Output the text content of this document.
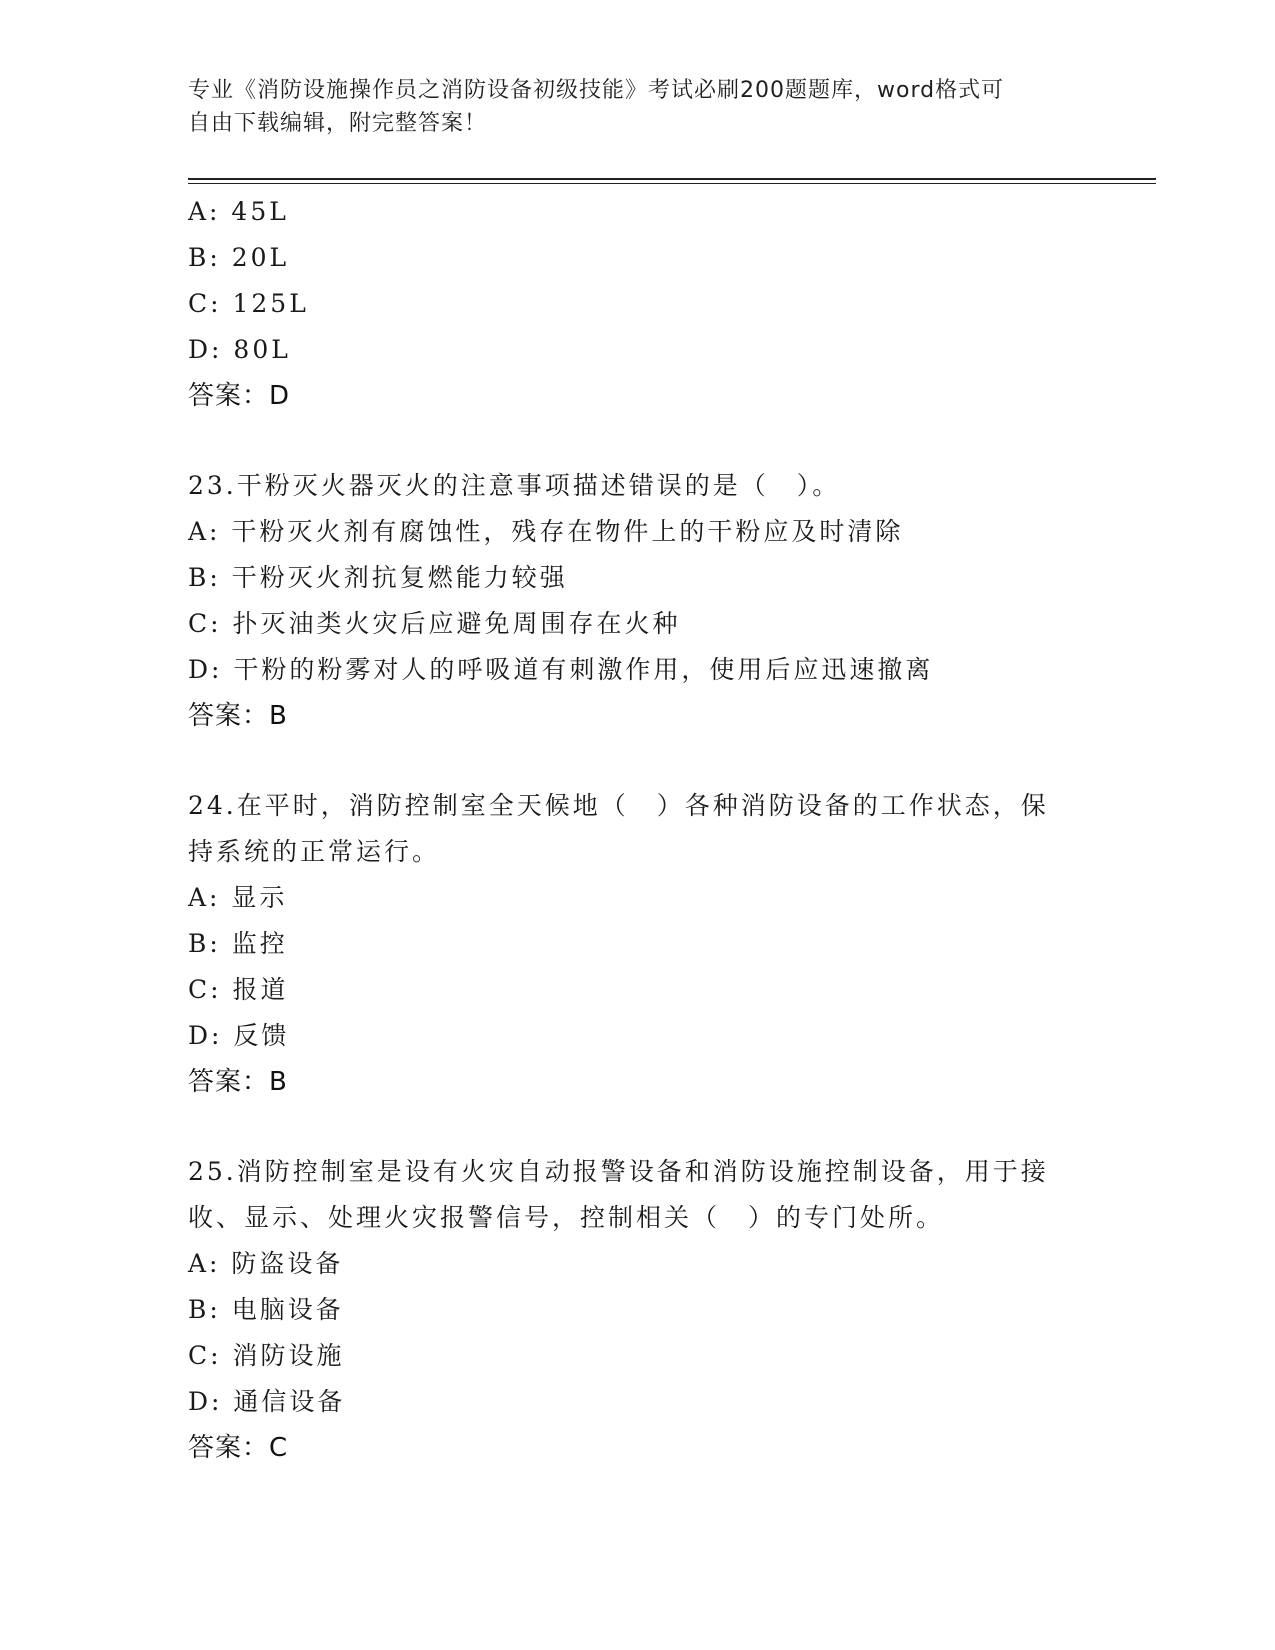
专业《消防设施操作员之消防设备初级技能》考试必刷200题题库，word格式可
自由下载编辑，附完整答案！
A: 45L
B: 20L
C: 125L
D: 80L
答案：D
23.干粉灭火器灭火的注意事项描述错误的是（　）。
A: 干粉灭火剂有腐蚀性，残存在物件上的干粉应及时清除
B: 干粉灭火剂抗复燃能力较强
C: 扑灭油类火灾后应避免周围存在火种
D: 干粉的粉雾对人的呼吸道有刺激作用，使用后应迅速撤离
答案：B
24.在平时，消防控制室全天候地（　）各种消防设备的工作状态，保持系统的正常运行。
A: 显示
B: 监控
C: 报道
D: 反馈
答案：B
25.消防控制室是设有火灾自动报警设备和消防设施控制设备，用于接收、显示、处理火灾报警信号，控制相关（　）的专门处所。
A: 防盗设备
B: 电脑设备
C: 消防设施
D: 通信设备
答案：C
